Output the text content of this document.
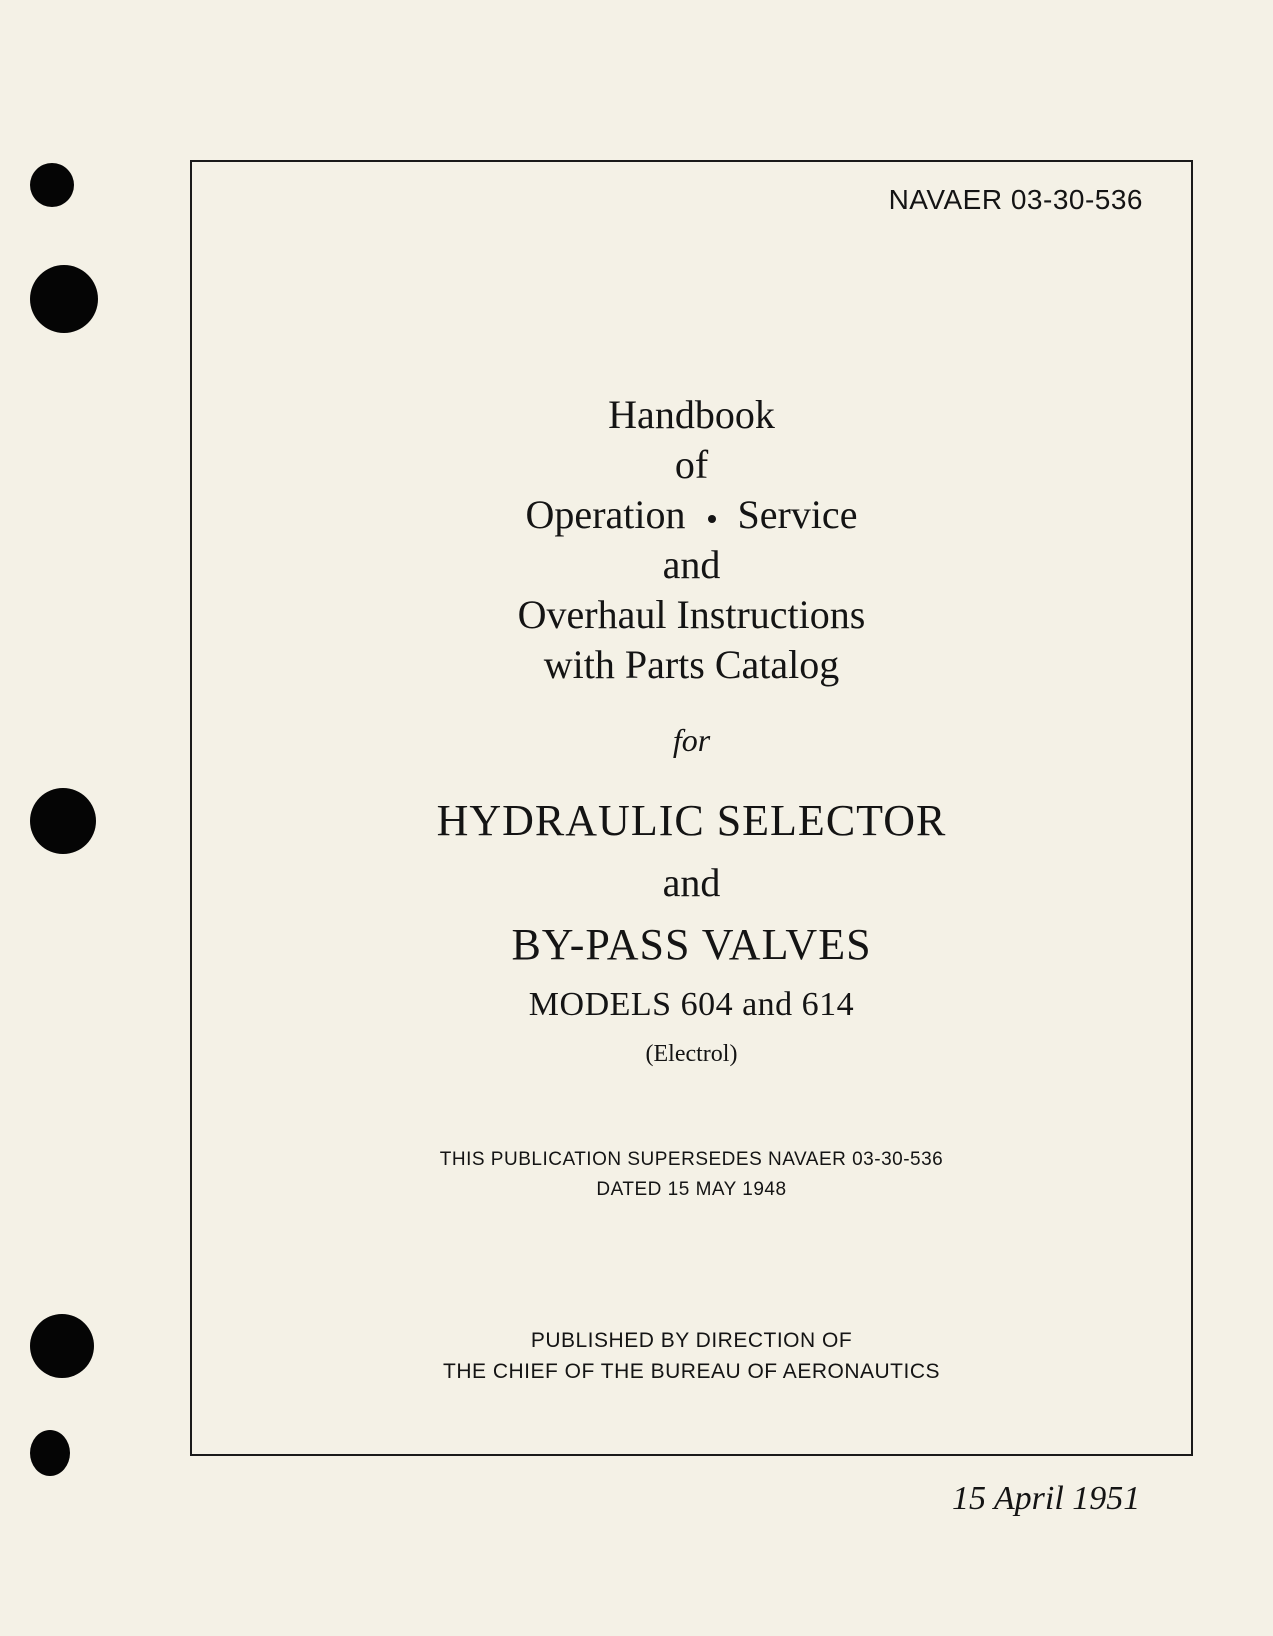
NAVAER 03-30-536
Handbook
of
Operation Service
and
Overhaul Instructions
with Parts Catalog
for
HYDRAULIC SELECTOR
and
BY-PASS VALVES
MODELS 604 and 614
(Electrol)
THIS PUBLICATION SUPERSEDES NAVAER 03-30-536
DATED 15 MAY 1948
PUBLISHED BY DIRECTION OF
THE CHIEF OF THE BUREAU OF AERONAUTICS
15 April 1951
